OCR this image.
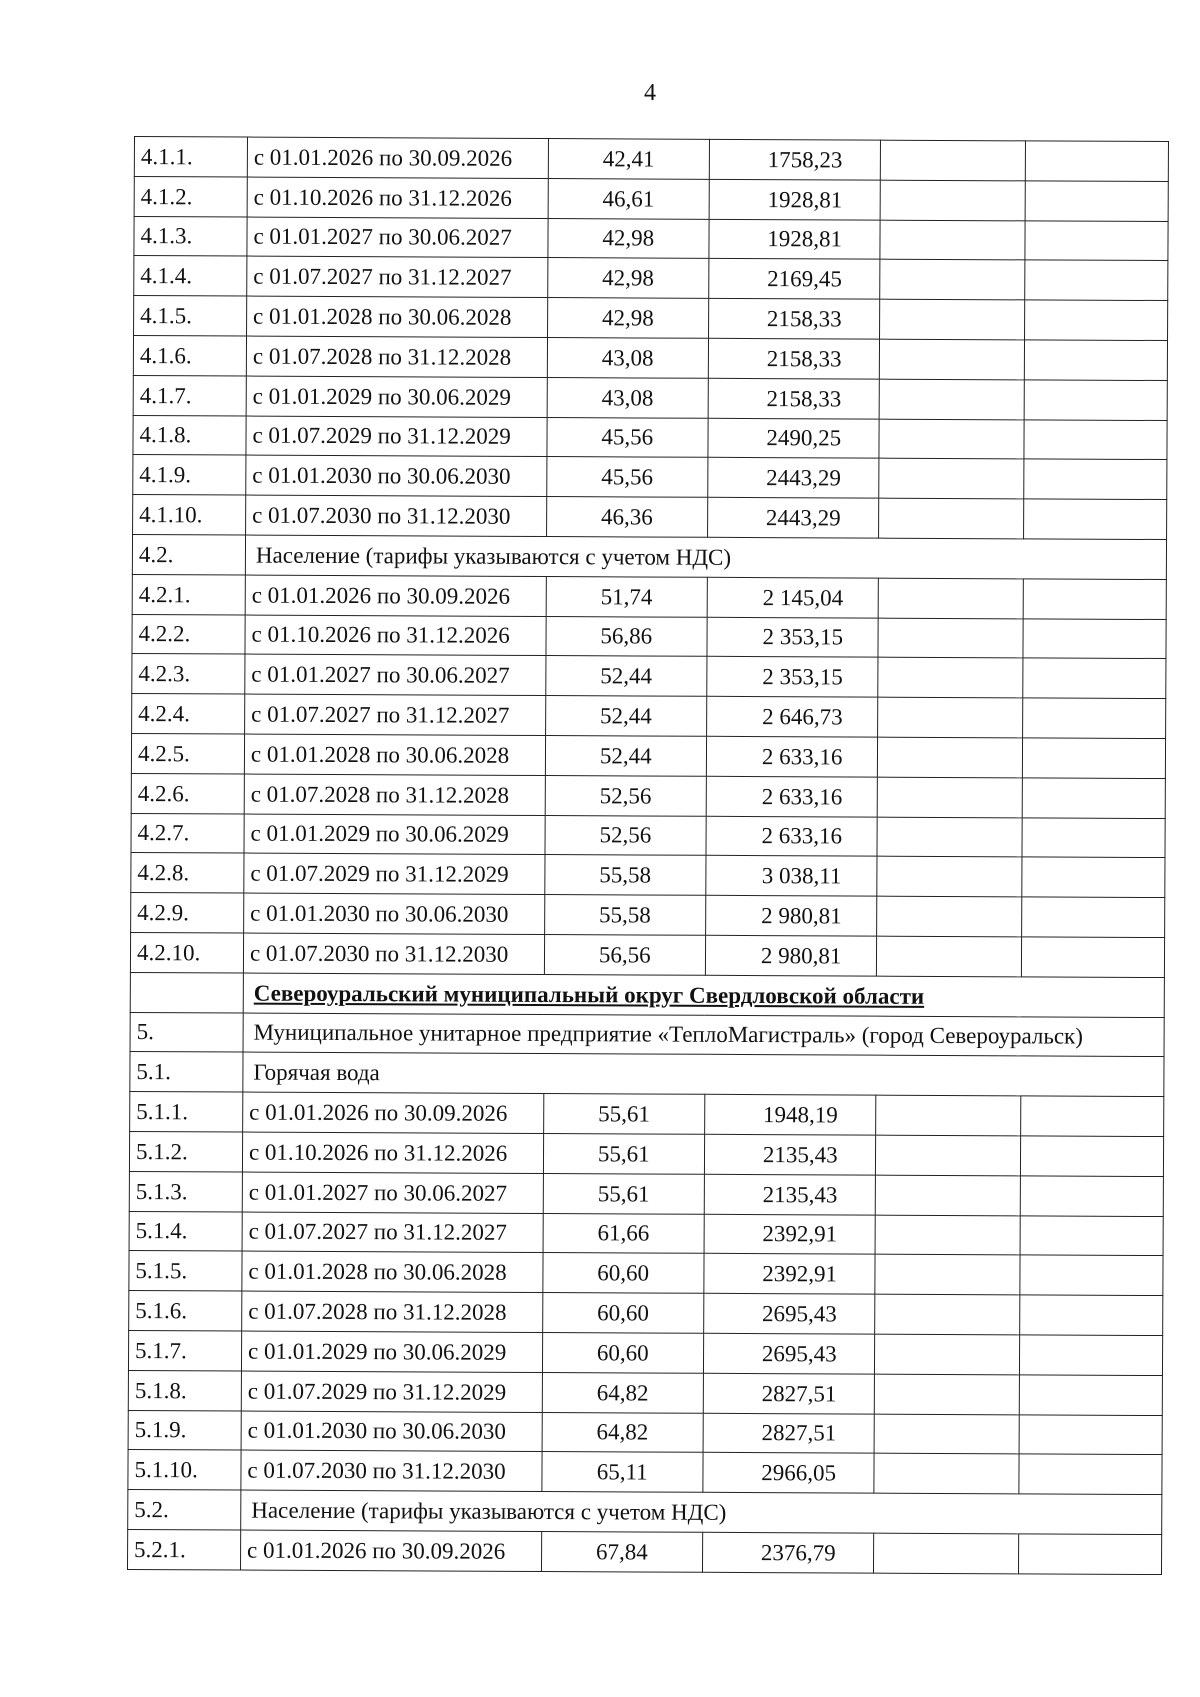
4
4.1.1.	с 01.01.2026 по 30.09.2026	42,41	1758,23		
4.1.2.	с 01.10.2026 по 31.12.2026	46,61	1928,81		
4.1.3.	с 01.01.2027 по 30.06.2027	42,98	1928,81		
4.1.4.	с 01.07.2027 по 31.12.2027	42,98	2169,45		
4.1.5.	с 01.01.2028 по 30.06.2028	42,98	2158,33		
4.1.6.	с 01.07.2028 по 31.12.2028	43,08	2158,33		
4.1.7.	с 01.01.2029 по 30.06.2029	43,08	2158,33		
4.1.8.	с 01.07.2029 по 31.12.2029	45,56	2490,25		
4.1.9.	с 01.01.2030 по 30.06.2030	45,56	2443,29		
4.1.10.	с 01.07.2030 по 31.12.2030	46,36	2443,29		
4.2.	Население (тарифы указываются с учетом НДС)				
4.2.1.	с 01.01.2026 по 30.09.2026	51,74	2 145,04		
4.2.2.	с 01.10.2026 по 31.12.2026	56,86	2 353,15		
4.2.3.	с 01.01.2027 по 30.06.2027	52,44	2 353,15		
4.2.4.	с 01.07.2027 по 31.12.2027	52,44	2 646,73		
4.2.5.	с 01.01.2028 по 30.06.2028	52,44	2 633,16		
4.2.6.	с 01.07.2028 по 31.12.2028	52,56	2 633,16		
4.2.7.	с 01.01.2029 по 30.06.2029	52,56	2 633,16		
4.2.8.	с 01.07.2029 по 31.12.2029	55,58	3 038,11		
4.2.9.	с 01.01.2030 по 30.06.2030	55,58	2 980,81		
4.2.10.	с 01.07.2030 по 31.12.2030	56,56	2 980,81		
	Североуральский муниципальный округ Свердловской области				
5.	Муниципальное унитарное предприятие «ТеплоМагистраль» (город Североуральск)				
5.1.	Горячая вода				
5.1.1.	с 01.01.2026 по 30.09.2026	55,61	1948,19		
5.1.2.	с 01.10.2026 по 31.12.2026	55,61	2135,43		
5.1.3.	с 01.01.2027 по 30.06.2027	55,61	2135,43		
5.1.4.	с 01.07.2027 по 31.12.2027	61,66	2392,91		
5.1.5.	с 01.01.2028 по 30.06.2028	60,60	2392,91		
5.1.6.	с 01.07.2028 по 31.12.2028	60,60	2695,43		
5.1.7.	с 01.01.2029 по 30.06.2029	60,60	2695,43		
5.1.8.	с 01.07.2029 по 31.12.2029	64,82	2827,51		
5.1.9.	с 01.01.2030 по 30.06.2030	64,82	2827,51		
5.1.10.	с 01.07.2030 по 31.12.2030	65,11	2966,05		
5.2.	Население (тарифы указываются с учетом НДС)				
5.2.1.	с 01.01.2026 по 30.09.2026	67,84	2376,79		
